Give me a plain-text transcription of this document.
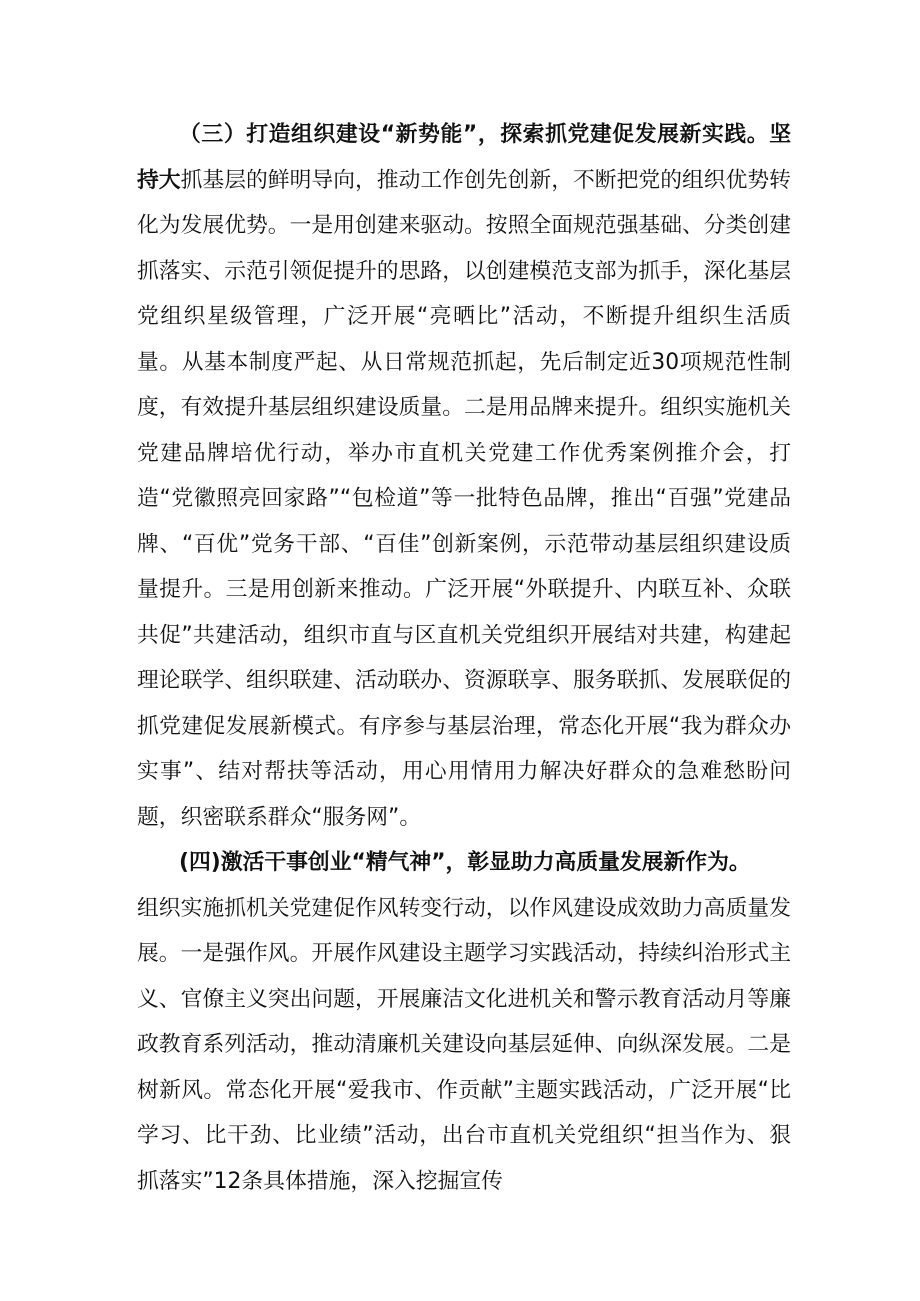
（三）打造组织建设“新势能”，探索抓党建促发展新实践。坚持大抓基层的鲜明导向，推动工作创先创新，不断把党的组织优势转化为发展优势。一是用创建来驱动。按照全面规范强基础、分类创建抓落实、示范引领促提升的思路，以创建模范支部为抓手，深化基层党组织星级管理，广泛开展“亮晒比”活动，不断提升组织生活质量。从基本制度严起、从日常规范抓起，先后制定近30项规范性制度，有效提升基层组织建设质量。二是用品牌来提升。组织实施机关党建品牌培优行动，举办市直机关党建工作优秀案例推介会，打造“党徽照亮回家路”“包检道”等一批特色品牌，推出“百强”党建品牌、“百优”党务干部、“百佳”创新案例，示范带动基层组织建设质量提升。三是用创新来推动。广泛开展“外联提升、内联互补、众联共促”共建活动，组织市直与区直机关党组织开展结对共建，构建起理论联学、组织联建、活动联办、资源联享、服务联抓、发展联促的抓党建促发展新模式。有序参与基层治理，常态化开展“我为群众办实事”、结对帮扶等活动，用心用情用力解决好群众的急难愁盼问题，织密联系群众“服务网”。

(四)激活干事创业“精气神”，彰显助力高质量发展新作为。

组织实施抓机关党建促作风转变行动，以作风建设成效助力高质量发展。一是强作风。开展作风建设主题学习实践活动，持续纠治形式主义、官僚主义突出问题，开展廉洁文化进机关和警示教育活动月等廉政教育系列活动，推动清廉机关建设向基层延伸、向纵深发展。二是树新风。常态化开展“爱我市、作贡献”主题实践活动，广泛开展“比学习、比干劲、比业绩”活动，出台市直机关党组织“担当作为、狠抓落实”12条具体措施，深入挖掘宣传
